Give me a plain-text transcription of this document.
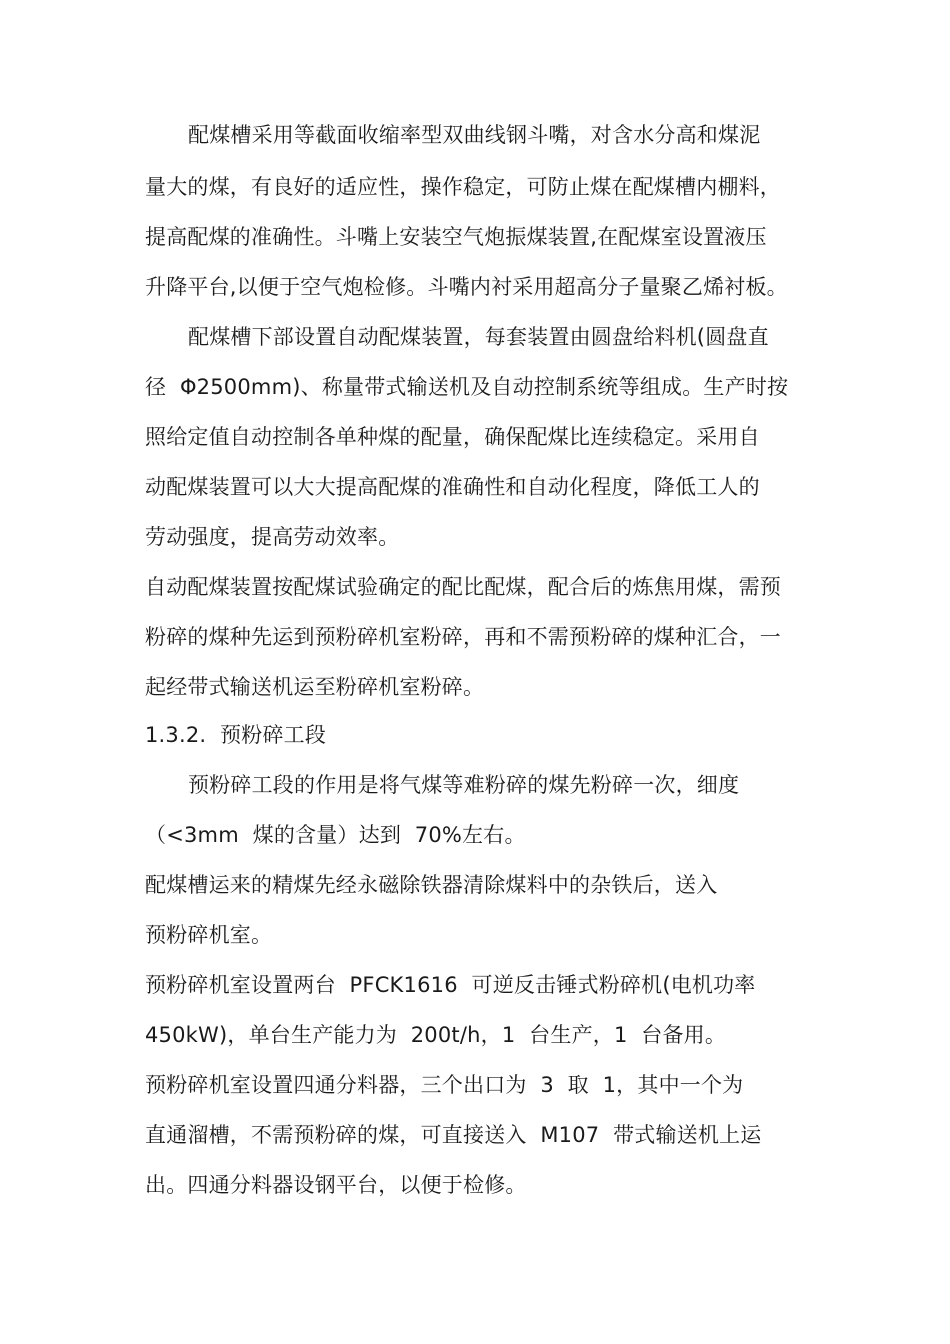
配煤槽采用等截面收缩率型双曲线钢斗嘴，对含水分高和煤泥
量大的煤，有良好的适应性，操作稳定，可防止煤在配煤槽内棚料，
提高配煤的准确性。斗嘴上安装空气炮振煤装置,在配煤室设置液压
升降平台,以便于空气炮检修。斗嘴内衬采用超高分子量聚乙烯衬板。
配煤槽下部设置自动配煤装置，每套装置由圆盘给料机(圆盘直
径  Φ2500mm)、称量带式输送机及自动控制系统等组成。生产时按
照给定值自动控制各单种煤的配量，确保配煤比连续稳定。采用自
动配煤装置可以大大提高配煤的准确性和自动化程度，降低工人的
劳动强度，提高劳动效率。
自动配煤装置按配煤试验确定的配比配煤，配合后的炼焦用煤，需预
粉碎的煤种先运到预粉碎机室粉碎，再和不需预粉碎的煤种汇合，一
起经带式输送机运至粉碎机室粉碎。
1.3.2.  预粉碎工段
预粉碎工段的作用是将气煤等难粉碎的煤先粉碎一次，细度
（<3mm  煤的含量）达到  70%左右。
配煤槽运来的精煤先经永磁除铁器清除煤料中的杂铁后，送入
预粉碎机室。
预粉碎机室设置两台  PFCK1616  可逆反击锤式粉碎机(电机功率
450kW)，单台生产能力为  200t/h，1  台生产，1  台备用。
预粉碎机室设置四通分料器，三个出口为  3  取  1，其中一个为
直通溜槽，不需预粉碎的煤，可直接送入  M107  带式输送机上运
出。四通分料器设钢平台，以便于检修。
